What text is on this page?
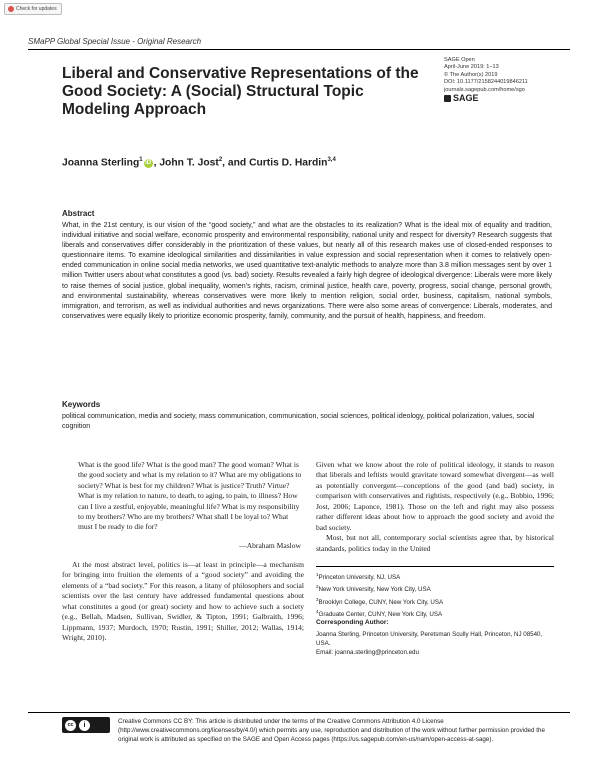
Check for updates
SMaPP Global Special Issue - Original Research
Liberal and Conservative Representations of the Good Society: A (Social) Structural Topic Modeling Approach
SAGE Open
April-June 2019: 1–13
© The Author(s) 2019
DOI: 10.1177/2158244019846211
journals.sagepub.com/home/sgo
SAGE
Joanna Sterling$^1$iD , John T. Jost$^2$, and Curtis D. Hardin$^{3,4}$
Abstract
What, in the 21st century, is our vision of the “good society,” and what are the obstacles to its realization? What is the ideal mix of equality and tradition, individual initiative and social welfare, economic prosperity and environmental responsibility, national unity and respect for diversity? Research suggests that liberals and conservatives differ considerably in the prioritization of these values, but nearly all of this research makes use of closed-ended responses to questionnaire items. To examine ideological similarities and dissimilarities in value expression and social representation when it comes to relatively open-ended communication in online social media networks, we used quantitative text-analytic methods to analyze more than 3.8 million messages sent by over 1 million Twitter users about what constitutes a good (vs. bad) society. Results revealed a fairly high degree of ideological divergence: Liberals were more likely to raise themes of social justice, global inequality, women’s rights, racism, criminal justice, health care, poverty, progress, social change, personal growth, and environmental sustainability, whereas conservatives were more likely to mention religion, social order, business, capitalism, national symbols, immigration, and terrorism, as well as individual authorities and news organizations. There were also some areas of convergence: Liberals, moderates, and conservatives were equally likely to prioritize economic prosperity, family, community, and the pursuit of health, happiness, and freedom.
Keywords
political communication, media and society, mass communication, communication, social sciences, political ideology, political polarization, values, social cognition
What is the good life? What is the good man? The good woman? What is the good society and what is my relation to it? What are my obligations to society? What is best for my children? What is justice? Truth? Virtue? What is my relation to nature, to death, to aging, to pain, to illness? How can I live a zestful, enjoyable, meaningful life? What is my responsibility to my brothers? Who are my brothers? What shall I be loyal to? What must I be ready to die for?
—Abraham Maslow
At the most abstract level, politics is—at least in principle—a mechanism for bringing into fruition the elements of a “good society” and avoiding the elements of a “bad society.” For this reason, a litany of philosophers and social scientists over the last century have addressed fundamental questions about what constitutes a good (or great) society and how to achieve such a society (e.g., Bellah, Madsen, Sullivan, Swidler, & Tipton, 1991; Galbraith, 1996; Lippmann, 1937; Murdoch, 1970; Rustin, 1991; Shiller, 2012; Wallas, 1914; Wright, 2010).

Given what we know about the role of political ideology, it stands to reason that liberals and leftists would gravitate toward somewhat divergent—as well as potentially convergent—conceptions of the good (and bad) society, in comparison with conservatives and rightists, respectively (e.g., Bobbio, 1996; Jost, 2006; Laponce, 1981). Those on the left and right may also possess rather different ideas about how to approach the good society and avoid the bad society.

Most, but not all, contemporary social scientists agree that, by historical standards, politics today in the United

$^1$Princeton University, NJ, USA
$^2$New York University, New York City, USA
$^3$Brooklyn College, CUNY, New York City, USA
$^4$Graduate Center, CUNY, New York City, USA
Corresponding Author:
Joanna Sterling, Princeton University, Peretsman Scully Hall, Princeton, NJ 08540, USA.
Email: joanna.sterling@princeton.edu
cc	i	Creative Commons CC BY: This article is distributed under the terms of the Creative Commons Attribution 4.0 License (http://www.creativecommons.org/licenses/by/4.0/) which permits any use, reproduction and distribution of the work without further permission provided the original work is attributed as specified on the SAGE and Open Access pages (https://us.sagepub.com/en-us/nam/open-access-at-sage).
